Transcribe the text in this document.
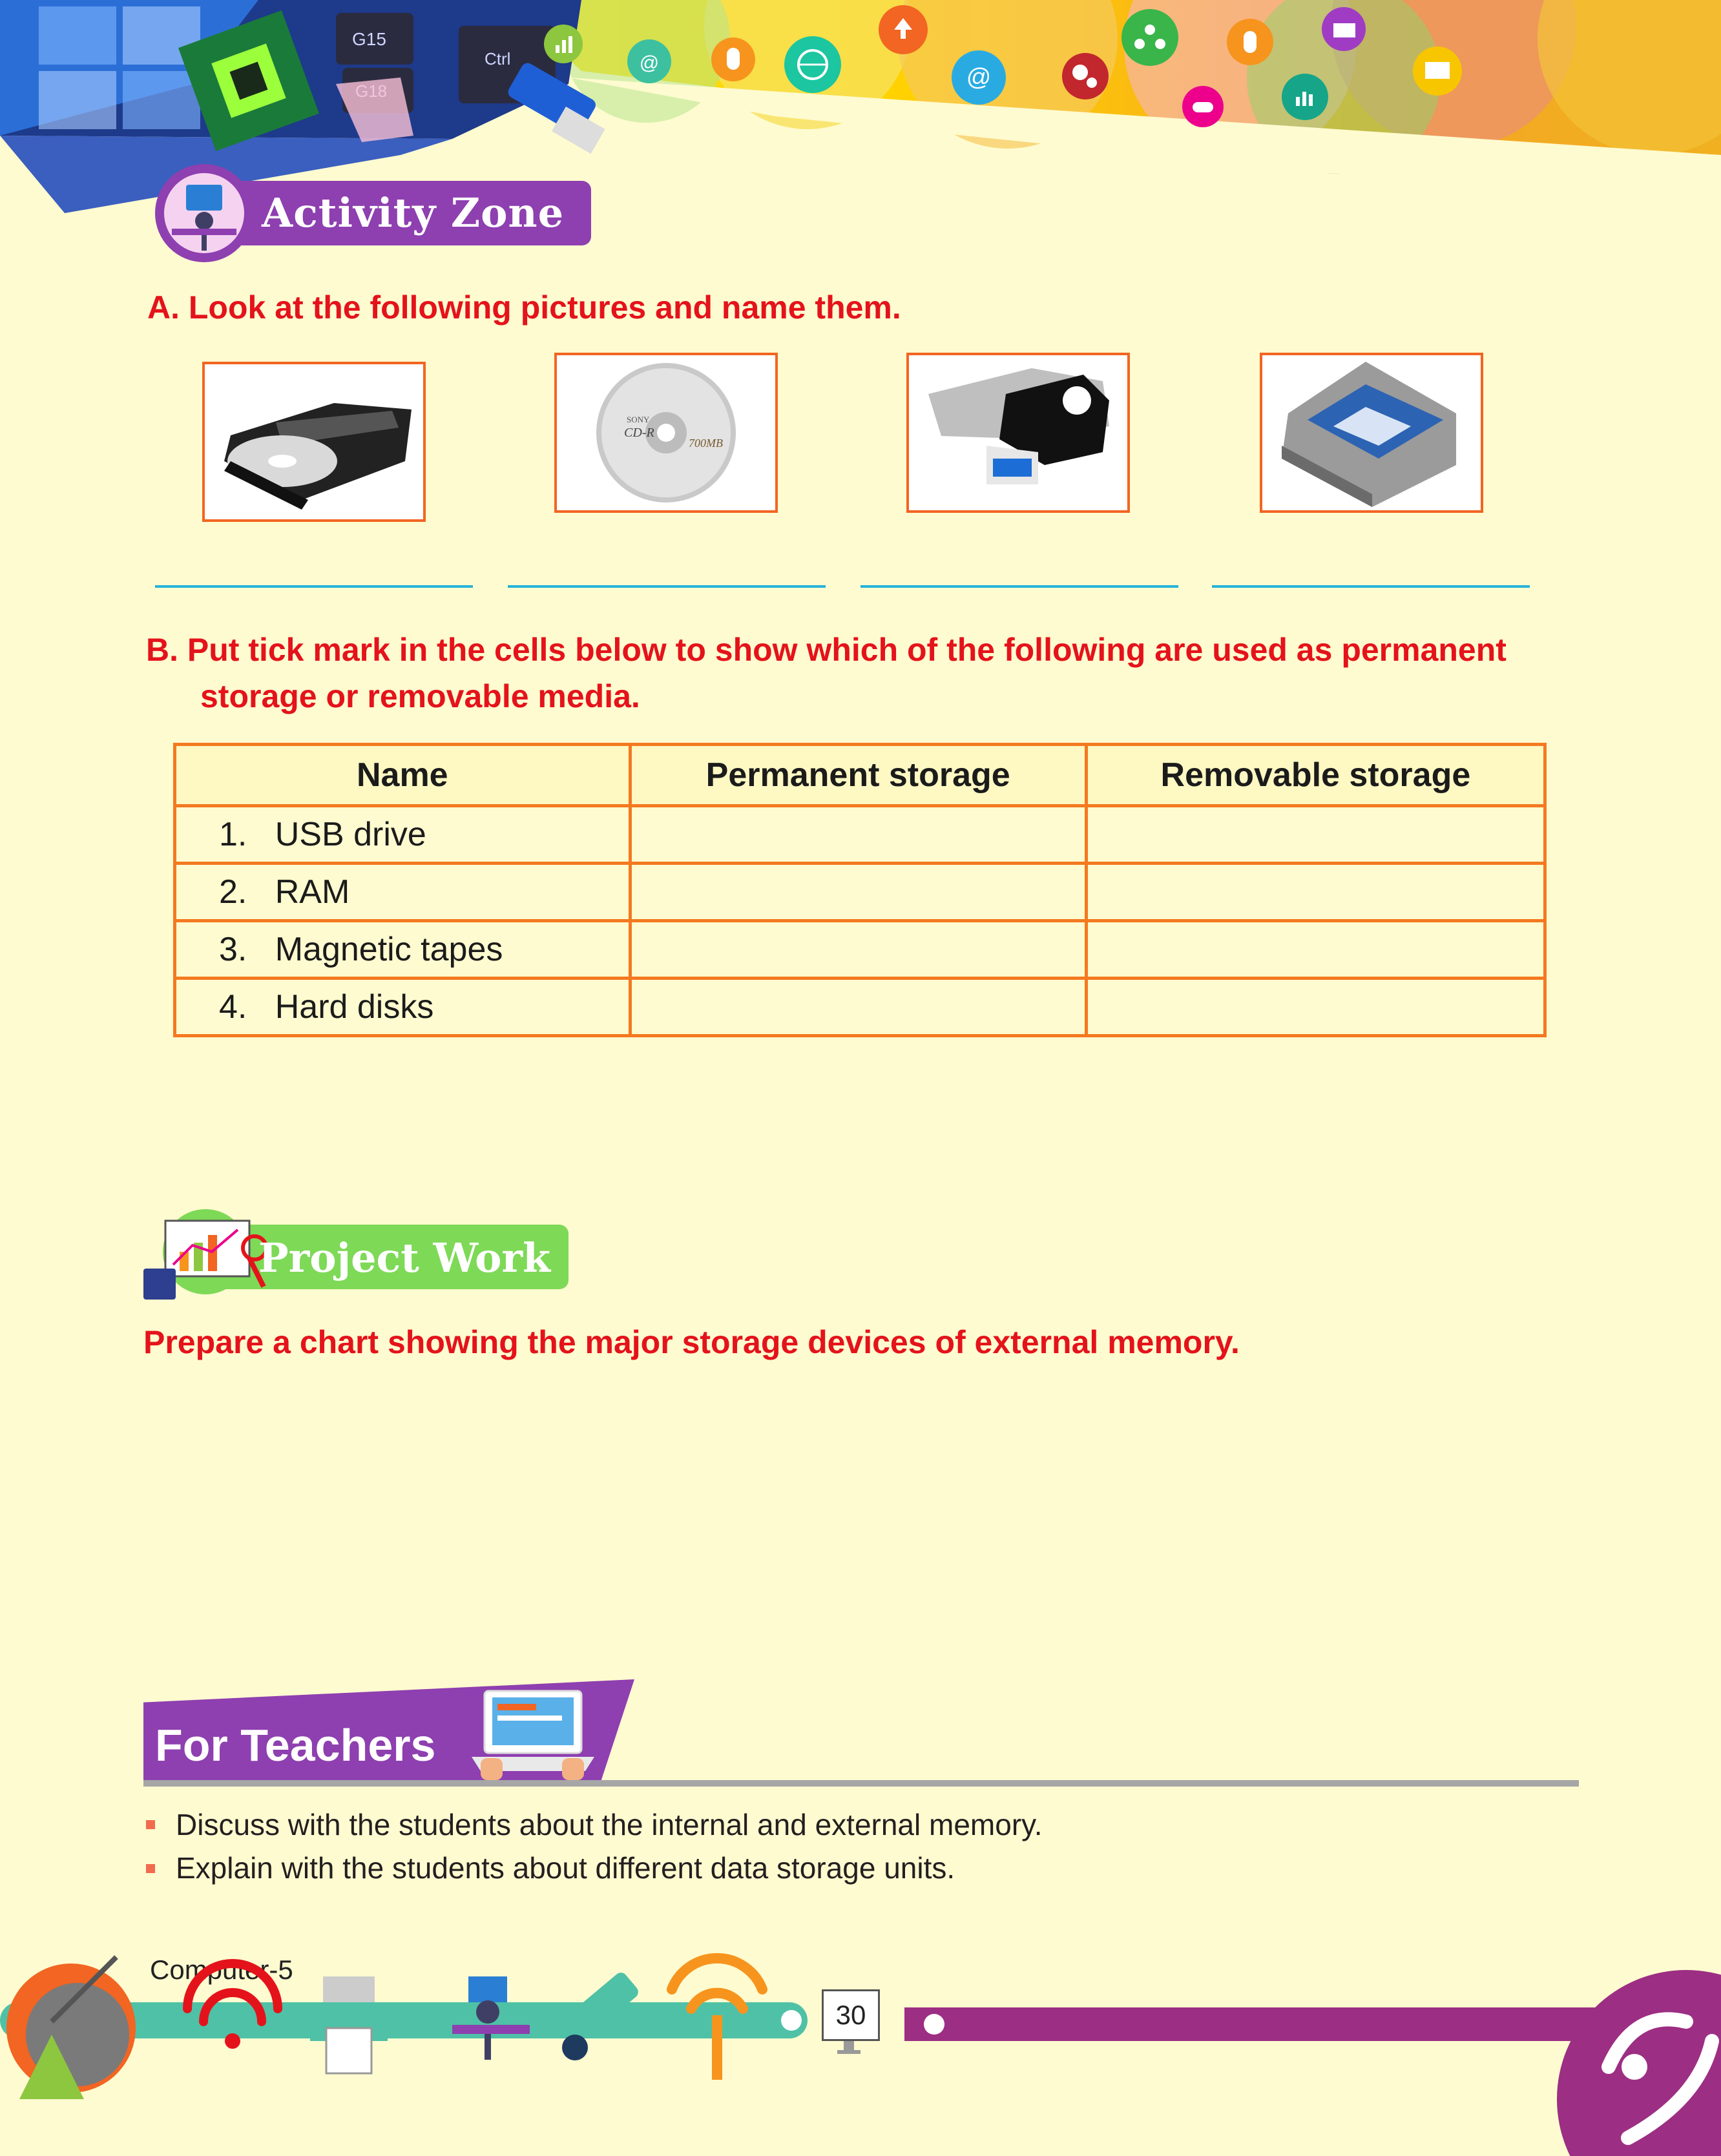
G15
Ctrl	@
@
Activity Zone
A. Look at the following pictures and name them.
SONY
CD-R
700MB
B. Put tick mark in the cells below to show which of the following are used as permanent
storage or removable media.
Name	Permanent storage	Removable storage
1. USB drive		
2. RAM		
3. Magnetic tapes		
4. Hard disks		
Project Work
Prepare a chart showing the major storage devices of external memory.
For Teachers
Discuss with the students about the internal and external memory.
Explain with the students about different data storage units.
Computer-5
30
